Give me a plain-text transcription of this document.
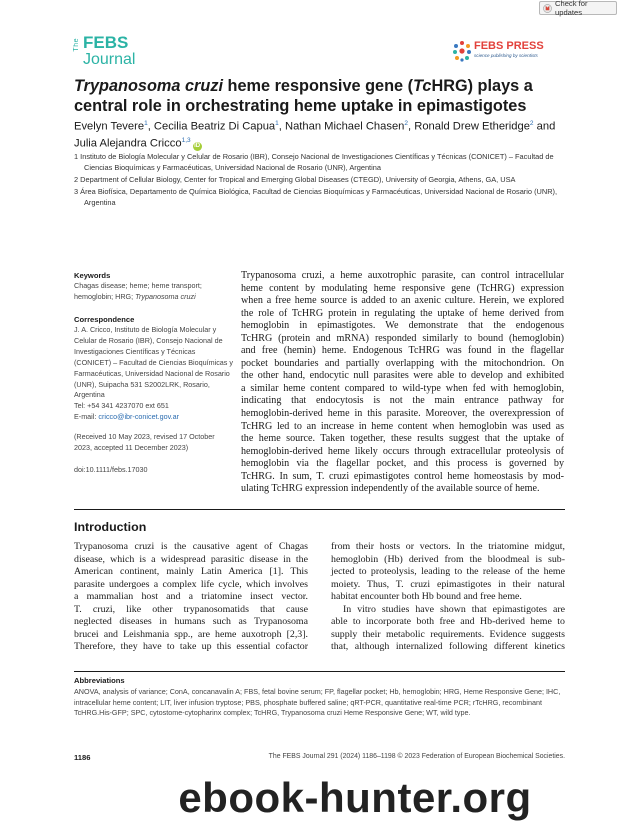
Check for updates
The FEBS
Journal
FEBS PRESS
science publishing by scientists
Trypanosoma cruzi heme responsive gene (TcHRG) plays a central role in orchestrating heme uptake in epimastigotes
Evelyn Tevere$^1$, Cecilia Beatriz Di Capua$^1$, Nathan Michael Chasen$^2$, Ronald Drew Etheridge$^2$ and
Julia Alejandra Cricco$^{1,3}$iD

1 Instituto de Biología Molecular y Celular de Rosario (IBR), Consejo Nacional de Investigaciones Científicas y Técnicas (CONICET) – Facultad de Ciencias Bioquímicas y Farmacéuticas, Universidad Nacional de Rosario (UNR), Argentina

2 Department of Cellular Biology, Center for Tropical and Emerging Global Diseases (CTEGD), University of Georgia, Athens, GA, USA

3 Área Biofísica, Departamento de Química Biológica, Facultad de Ciencias Bioquímicas y Farmacéuticas, Universidad Nacional de Rosario (UNR), Argentina

Keywords

Chagas disease; heme; heme transport; hemoglobin; HRG; Trypanosoma cruzi

Correspondence

J. A. Cricco, Instituto de Biología Molecular y Celular de Rosario (IBR), Consejo Nacional de Investigaciones Científicas y Técnicas (CONICET) – Facultad de Ciencias Bioquímicas y Farmacéuticas, Universidad Nacional de Rosario (UNR), Suipacha 531 S2002LRK, Rosario, Argentina
Tel: +54 341 4237070 ext 651
E-mail: cricco@ibr-conicet.gov.ar

(Received 10 May 2023, revised 17 October 2023, accepted 11 December 2023)

doi:10.1111/febs.17030

Trypanosoma cruzi, a heme auxotrophic parasite, can control intracellular
heme content by modulating heme responsive gene (TcHRG) expression
when a free heme source is added to an axenic culture. Herein, we explored
the role of TcHRG protein in regulating the uptake of heme derived from
hemoglobin in epimastigotes. We demonstrate that the endogenous
TcHRG (protein and mRNA) responded similarly to bound (hemoglobin)
and free (hemin) heme. Endogenous TcHRG was found in the flagellar
pocket boundaries and partially overlapping with the mitochondrion. On
the other hand, endocytic null parasites were able to develop and exhibited
a similar heme content compared to wild-type when fed with hemoglobin,
indicating that endocytosis is not the main entrance pathway for
hemoglobin-derived heme in this parasite. Moreover, the overexpression of
TcHRG led to an increase in heme content when hemoglobin was used as
the heme source. Taken together, these results suggest that the uptake of
hemoglobin-derived heme likely occurs through extracellular proteolysis of
hemoglobin via the flagellar pocket, and this process is governed by
TcHRG. In sum, T. cruzi epimastigotes control heme homeostasis by mod-
ulating TcHRG expression independently of the available source of heme.
Introduction
Trypanosoma cruzi is the causative agent of Chagas
disease, which is a widespread parasitic disease in the
American continent, mainly Latin America [1]. This
parasite undergoes a complex life cycle, which involves
a mammalian host and a triatomine insect vector.
T. cruzi, like other trypanosomatids that cause
neglected diseases in humans such as Trypanosoma
brucei and Leishmania spp., are heme auxotroph [2,3].
Therefore, they have to take up this essential cofactor
from their hosts or vectors. In the triatomine midgut,
hemoglobin (Hb) derived from the bloodmeal is sub-
jected to proteolysis, leading to the release of the heme
moiety. Thus, T. cruzi epimastigotes in their natural
habitat encounter both Hb bound and free heme.
In vitro studies have shown that epimastigotes are
able to incorporate both free and Hb-derived heme to
supply their metabolic requirements. Evidence suggests
that, although internalized following different kinetics

Abbreviations

ANOVA, analysis of variance; ConA, concanavalin A; FBS, fetal bovine serum; FP, flagellar pocket; Hb, hemoglobin; HRG, Heme Responsive Gene; IHC, intracellular heme content; LIT, liver infusion tryptose; PBS, phosphate buffered saline; qRT-PCR, quantitative real-time PCR; rTcHRG, recombinant TcHRG.His-GFP; SPC, cytostome-cytopharinx complex; TcHRG, Trypanosoma cruzi Heme Responsive Gene; WT, wild type.

1186	The FEBS Journal 291 (2024) 1186–1198 © 2023 Federation of European Biochemical Societies.
ebook-hunter.org
